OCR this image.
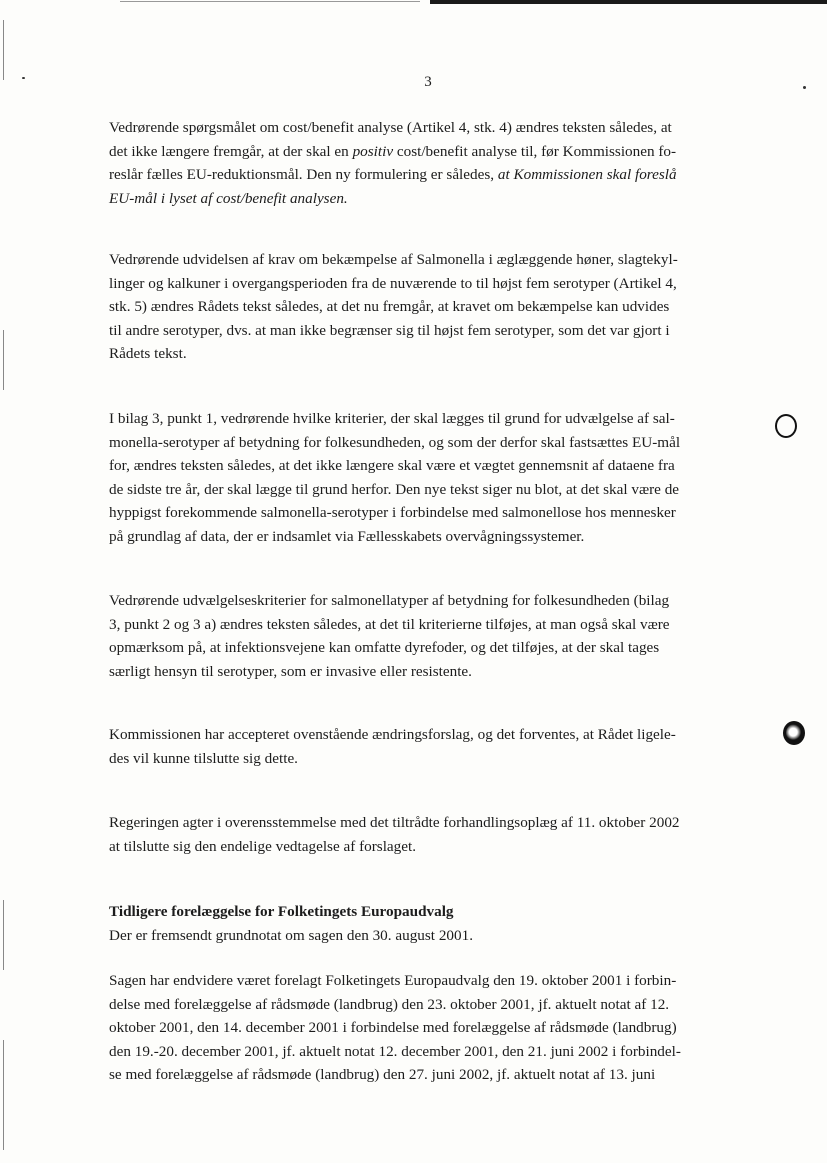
3
Vedrørende spørgsmålet om cost/benefit analyse (Artikel 4, stk. 4) ændres teksten således, at
det ikke længere fremgår, at der skal en positiv cost/benefit analyse til, før Kommissionen fo-
reslår fælles EU-reduktionsmål. Den ny formulering er således, at Kommissionen skal foreslå
EU-mål i lyset af cost/benefit analysen.
Vedrørende udvidelsen af krav om bekæmpelse af Salmonella i æglæggende høner, slagtekyl-
linger og kalkuner i overgangsperioden fra de nuværende to til højst fem serotyper (Artikel 4,
stk. 5) ændres Rådets tekst således, at det nu fremgår, at kravet om bekæmpelse kan udvides
til andre serotyper, dvs. at man ikke begrænser sig til højst fem serotyper, som det var gjort i
Rådets tekst.
I bilag 3, punkt 1, vedrørende hvilke kriterier, der skal lægges til grund for udvælgelse af sal-
monella-serotyper af betydning for folkesundheden, og som der derfor skal fastsættes EU-mål
for, ændres teksten således, at det ikke længere skal være et vægtet gennemsnit af dataene fra
de sidste tre år, der skal lægge til grund herfor. Den nye tekst siger nu blot, at det skal være de
hyppigst forekommende salmonella-serotyper i forbindelse med salmonellose hos mennesker
på grundlag af data, der er indsamlet via Fællesskabets overvågningssystemer.
Vedrørende udvælgelseskriterier for salmonellatyper af betydning for folkesundheden (bilag
3, punkt 2 og 3 a) ændres teksten således, at det til kriterierne tilføjes, at man også skal være
opmærksom på, at infektionsvejene kan omfatte dyrefoder, og det tilføjes, at der skal tages
særligt hensyn til serotyper, som er invasive eller resistente.
Kommissionen har accepteret ovenstående ændringsforslag, og det forventes, at Rådet ligele-
des vil kunne tilslutte sig dette.
Regeringen agter i overensstemmelse med det tiltrådte forhandlingsoplæg af 11. oktober 2002
at tilslutte sig den endelige vedtagelse af forslaget.
Tidligere forelæggelse for Folketingets Europaudvalg
Der er fremsendt grundnotat om sagen den 30. august 2001.
Sagen har endvidere været forelagt Folketingets Europaudvalg den 19. oktober 2001 i forbin-
delse med forelæggelse af rådsmøde (landbrug) den 23. oktober 2001, jf. aktuelt notat af 12.
oktober 2001, den 14. december 2001 i forbindelse med forelæggelse af rådsmøde (landbrug)
den 19.-20. december 2001, jf. aktuelt notat 12. december 2001, den 21. juni 2002 i forbindel-
se med forelæggelse af rådsmøde (landbrug) den 27. juni 2002, jf. aktuelt notat af 13. juni
